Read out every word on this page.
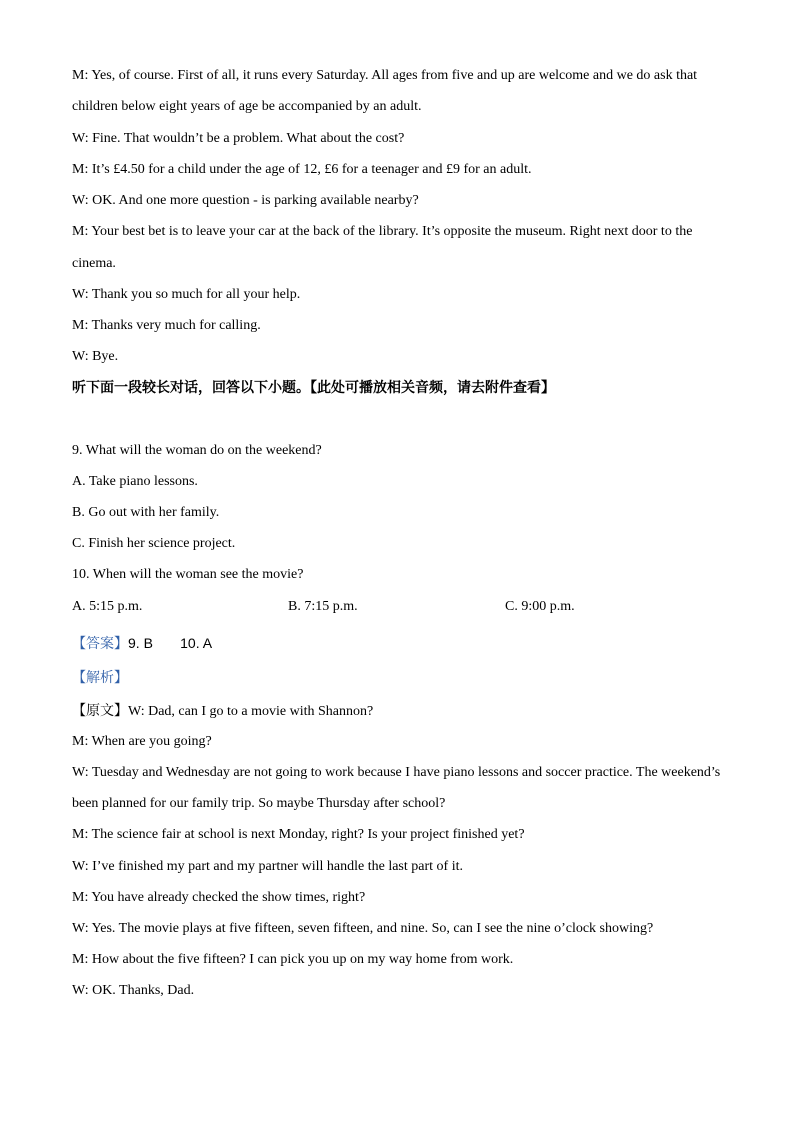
M: Yes, of course. First of all, it runs every Saturday. All ages from five and up are welcome and we do ask that
children below eight years of age be accompanied by an adult.
W: Fine. That wouldn’t be a problem. What about the cost?
M: It’s £4.50 for a child under the age of 12, £6 for a teenager and £9 for an adult.
W: OK. And one more question - is parking available nearby?
M: Your best bet is to leave your car at the back of the library. It’s opposite the museum. Right next door to the
cinema.
W: Thank you so much for all your help.
M: Thanks very much for calling.
W: Bye.
听下面一段较长对话，回答以下小题。【此处可播放相关音频，请去附件查看】
9. What will the woman do on the weekend?
A. Take piano lessons.
B. Go out with her family.
C. Finish her science project.
10. When will the woman see the movie?
A. 5:15 p.m.	B. 7:15 p.m.	C. 9:00 p.m.
【答案】9. B       10. A
【解析】
【原文】W: Dad, can I go to a movie with Shannon?
M: When are you going?
W: Tuesday and Wednesday are not going to work because I have piano lessons and soccer practice. The weekend’s
been planned for our family trip. So maybe Thursday after school?
M: The science fair at school is next Monday, right? Is your project finished yet?
W: I’ve finished my part and my partner will handle the last part of it.
M: You have already checked the show times, right?
W: Yes. The movie plays at five fifteen, seven fifteen, and nine. So, can I see the nine o’clock showing?
M: How about the five fifteen? I can pick you up on my way home from work.
W: OK. Thanks, Dad.
